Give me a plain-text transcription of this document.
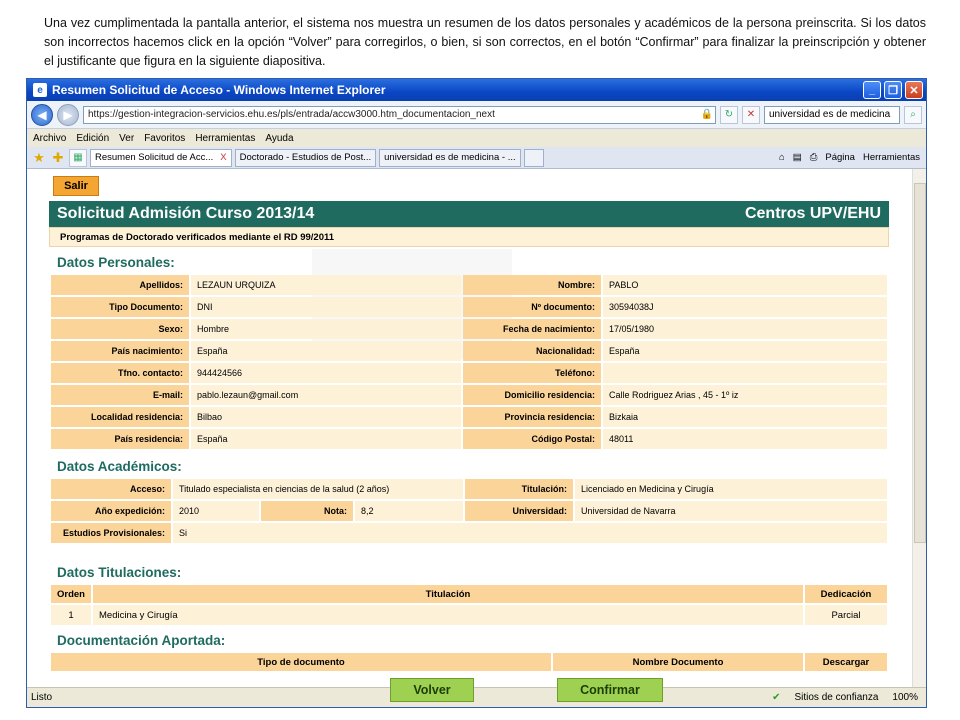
Una vez cumplimentada la pantalla anterior, el sistema nos muestra un resumen de los datos personales y académicos de la persona preinscrita. Si los datos son incorrectos hacemos click en la opción “Volver” para corregirlos, o bien, si son correctos, en el botón “Confirmar” para finalizar la preinscripción y obtener el justificante que figura en la siguiente diapositiva.

e Resumen Solicitud de Acceso - Windows Internet Explorer	_	❐	✕
◀	▶	https://gestion-integracion-servicios.ehu.es/pls/entrada/accw3000.htm_documentacion_next	🔒	↻	✕	universidad es de medicina	⌕
Archivo Edición Ver Favoritos Herramientas Ayuda
★ ✚ ▦	Resumen Solicitud de Acc... X Doctorado - Estudios de Post... universidad es de medicina - ...	⌂ ▤ ⎙ Página Herramientas
Salir
Solicitud Admisión Curso 2013/14	Centros UPV/EHU
Programas de Doctorado verificados mediante el RD 99/2011
Datos Personales:
Apellidos:	LEZAUN URQUIZA	Nombre:	PABLO
Tipo Documento:	DNI	Nº documento:	30594038J
Sexo:	Hombre	Fecha de nacimiento:	17/05/1980
País nacimiento:	España	Nacionalidad:	España
Tfno. contacto:	944424566	Teléfono:	
E-mail:	pablo.lezaun@gmail.com	Domicilio residencia:	Calle Rodriguez Arias , 45 - 1º iz
Localidad residencia:	Bilbao	Provincia residencia:	Bizkaia
País residencia:	España	Código Postal:	48011
Datos Académicos:
Acceso:	Titulado especialista en ciencias de la salud (2 años)			Titulación:	Licenciado en Medicina y Cirugía
Año expedición:	2010	Nota:	8,2	Universidad:	Universidad de Navarra
Estudios Provisionales:	Si				
Datos Titulaciones:
Orden	Titulación	Dedicación
1	Medicina y Cirugía	Parcial
Documentación Aportada:
Tipo de documento	Nombre Documento	Descargar
Listo	✔ Sitios de confianza 100%
Volver	Confirmar
